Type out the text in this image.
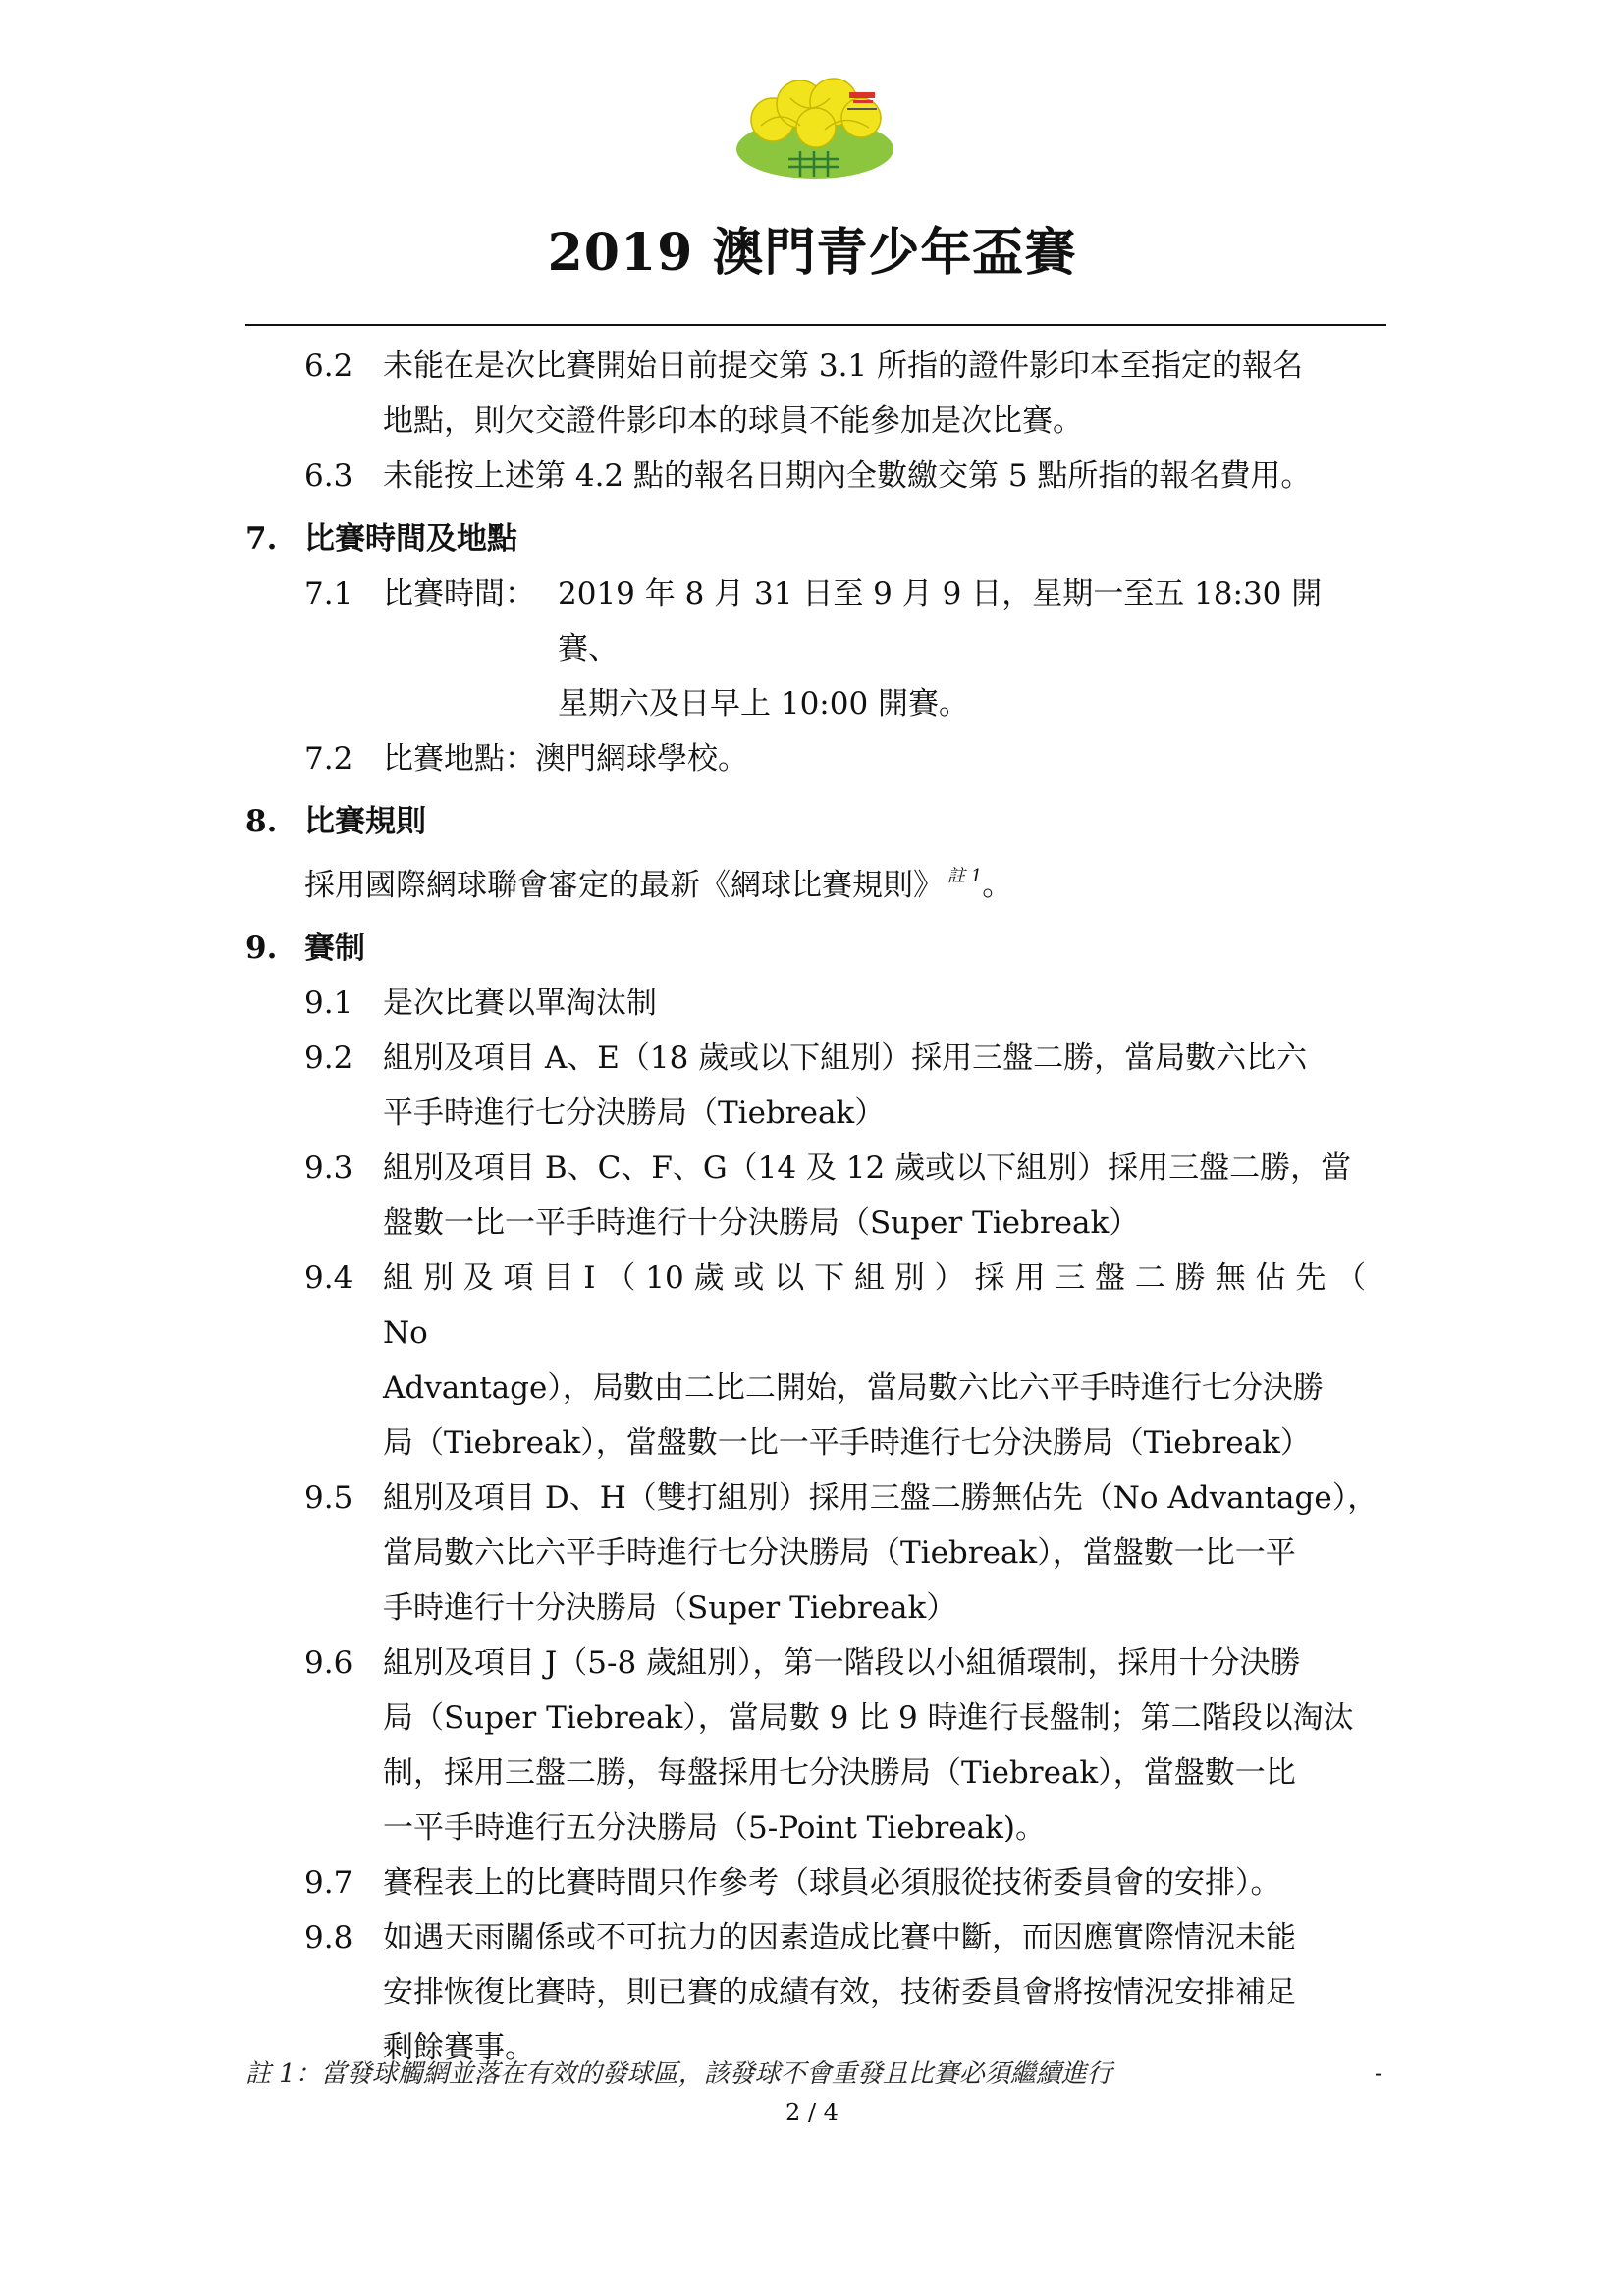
2019 澳門青少年盃賽
6.2 未能在是次比賽開始日前提交第 3.1 所指的證件影印本至指定的報名
地點，則欠交證件影印本的球員不能參加是次比賽。
6.3 未能按上述第 4.2 點的報名日期內全數繳交第 5 點所指的報名費用。
7. 比賽時間及地點
7.1 比賽時間： 2019 年 8 月 31 日至 9 月 9 日，星期一至五 18:30 開　 賽、
星期六及日早上 10:00 開賽。
7.2 比賽地點：澳門網球學校。
8. 比賽規則
採用國際網球聯會審定的最新《網球比賽規則》 $^{註 1}$。
9. 賽制
9.1 是次比賽以單淘汰制
9.2 組別及項目 A、E（18 歲或以下組別）採用三盤二勝，當局數六比六
平手時進行七分決勝局（Tiebreak）
9.3 組別及項目 B、C、F、G（14 及 12 歲或以下組別）採用三盤二勝，當
盤數一比一平手時進行十分決勝局（Super Tiebreak）
9.4 組 別 及 項 目 I （ 10 歲 或 以 下 組 別 ） 採 用 三 盤 二 勝 無 佔 先 （ No
Advantage），局數由二比二開始，當局數六比六平手時進行七分決勝
局（Tiebreak），當盤數一比一平手時進行七分決勝局（Tiebreak）
9.5 組別及項目 D、H（雙打組別）採用三盤二勝無佔先（No Advantage），
當局數六比六平手時進行七分決勝局（Tiebreak），當盤數一比一平
手時進行十分決勝局（Super Tiebreak）
9.6 組別及項目 J（5-8 歲組別），第一階段以小組循環制，採用十分決勝
局（Super Tiebreak），當局數 9 比 9 時進行長盤制；第二階段以淘汰
制，採用三盤二勝，每盤採用七分決勝局（Tiebreak），當盤數一比
一平手時進行五分決勝局（5-Point Tiebreak)。
9.7 賽程表上的比賽時間只作參考（球員必須服從技術委員會的安排）。
9.8 如遇天雨關係或不可抗力的因素造成比賽中斷，而因應實際情況未能
安排恢復比賽時，則已賽的成績有效，技術委員會將按情況安排補足
剩餘賽事。
註 1：當發球觸網並落在有效的發球區，該發球不會重發且比賽必須繼續進行	-
2 / 4
